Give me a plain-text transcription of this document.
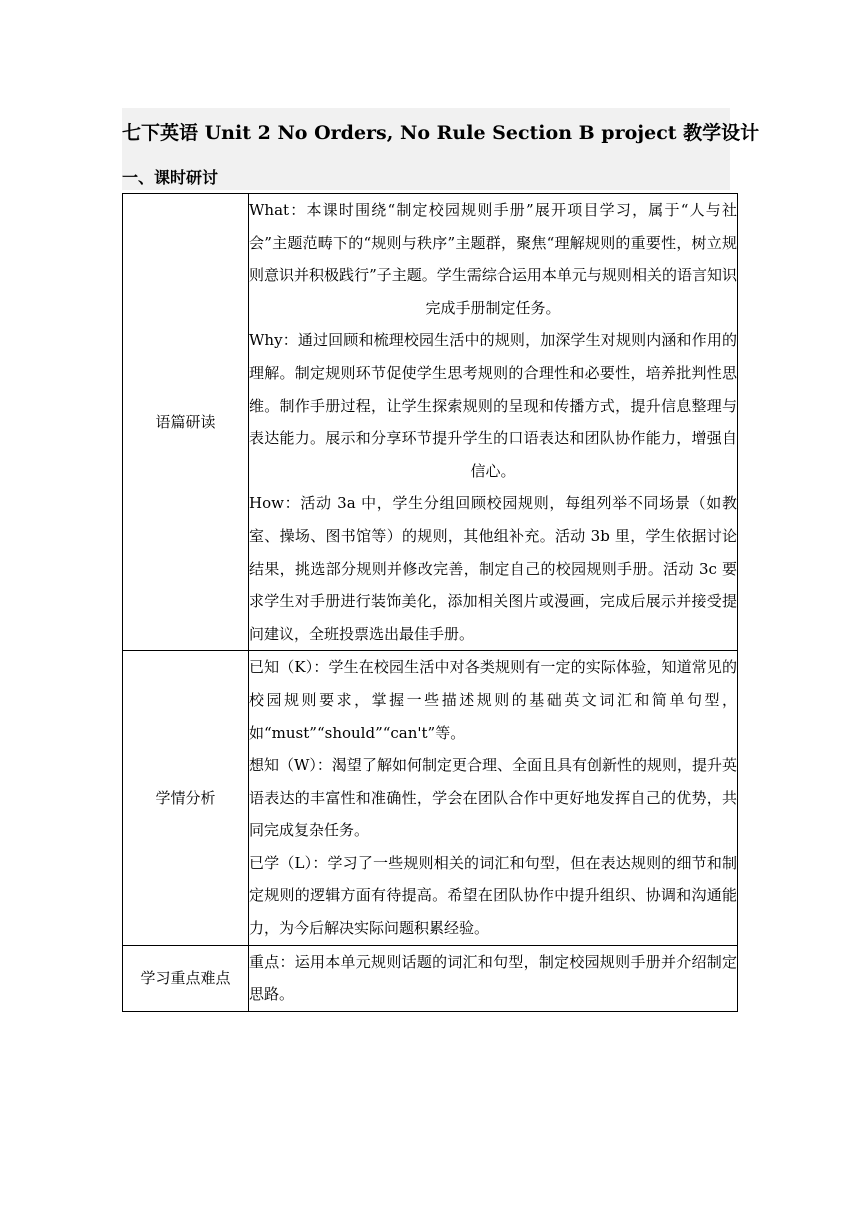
七下英语 Unit 2 No Orders, No Rule Section B project 教学设计
一、课时研讨
语篇研读	What：本课时围绕“制定校园规则手册”展开项目学习，属于“人与社会”主题范畴下的“规则与秩序”主题群，聚焦“理解规则的重要性，树立规则意识并积极践行”子主题。学生需综合运用本单元与规则相关的语言知识完成手册制定任务。

Why：通过回顾和梳理校园生活中的规则，加深学生对规则内涵和作用的理解。制定规则环节促使学生思考规则的合理性和必要性，培养批判性思维。制作手册过程，让学生探索规则的呈现和传播方式，提升信息整理与表达能力。展示和分享环节提升学生的口语表达和团队协作能力，增强自信心。

How：活动 3a 中，学生分组回顾校园规则，每组列举不同场景（如教室、操场、图书馆等）的规则，其他组补充。活动 3b 里，学生依据讨论结果，挑选部分规则并修改完善，制定自己的校园规则手册。活动 3c 要求学生对手册进行装饰美化，添加相关图片或漫画，完成后展示并接受提问建议，全班投票选出最佳手册。

学情分析	已知（K）：学生在校园生活中对各类规则有一定的实际体验，知道常见的校园规则要求，掌握一些描述规则的基础英文词汇和简单句型，如“must”“should”“can't”等。

想知（W）：渴望了解如何制定更合理、全面且具有创新性的规则，提升英语表达的丰富性和准确性，学会在团队合作中更好地发挥自己的优势，共同完成复杂任务。

已学（L）：学习了一些规则相关的词汇和句型，但在表达规则的细节和制定规则的逻辑方面有待提高。希望在团队协作中提升组织、协调和沟通能力，为今后解决实际问题积累经验。

学习重点难点	重点：运用本单元规则话题的词汇和句型，制定校园规则手册并介绍制定思路。
